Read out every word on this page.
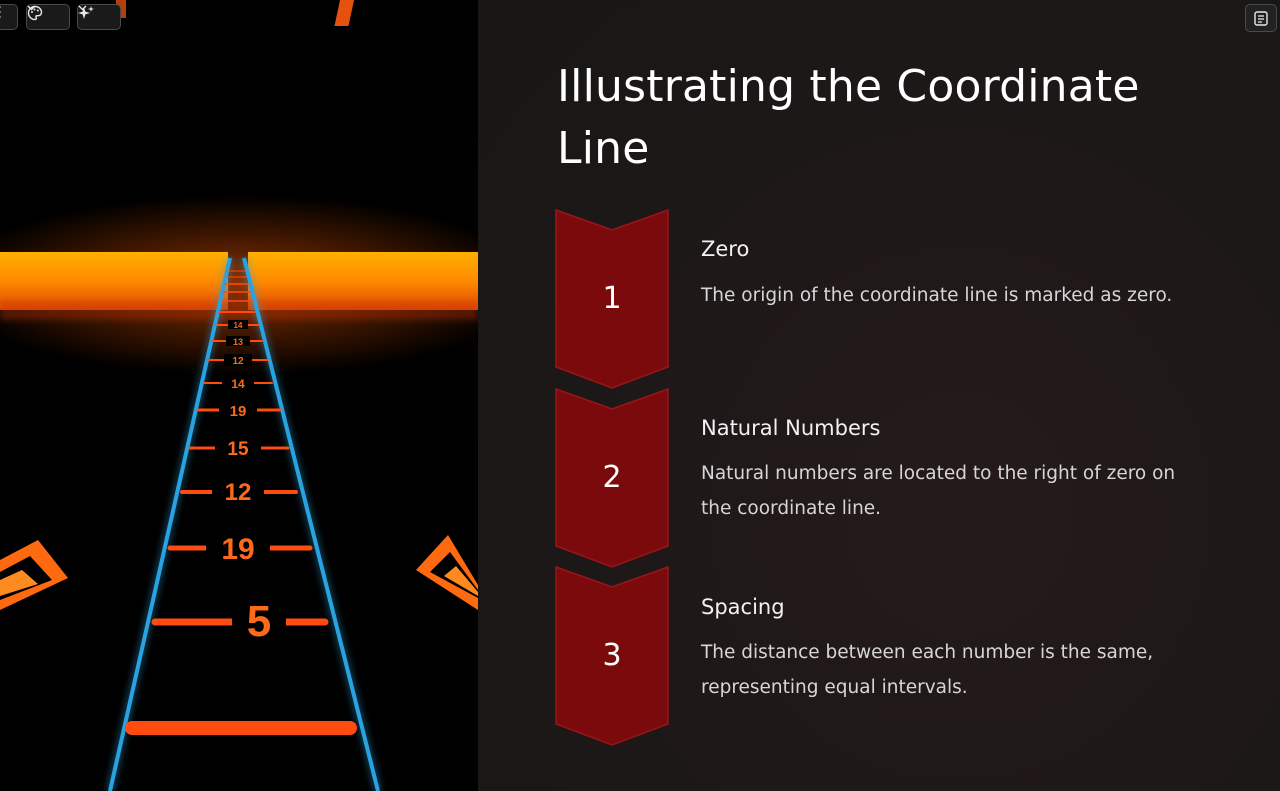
5
19
12
15
19
14
12
13
14
Illustrating the Coordinate Line
1
Zero

The origin of the coordinate line is marked as zero.

2
Natural Numbers

Natural numbers are located to the right of zero on the coordinate line.

3
Spacing

The distance between each number is the same, representing equal intervals.
